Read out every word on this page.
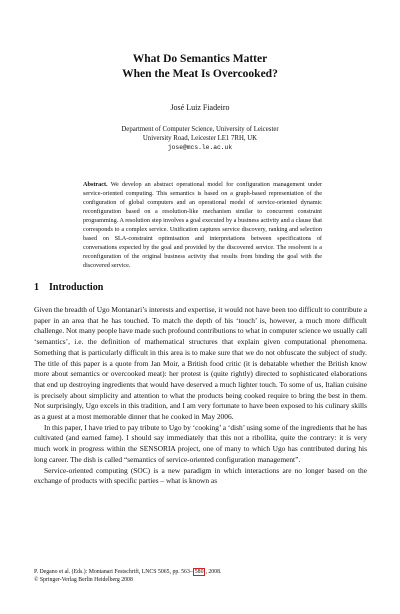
What Do Semantics Matter
When the Meat Is Overcooked?
José Luiz Fiadeiro
Department of Computer Science, University of Leicester
University Road, Leicester LE1 7RH, UK
jose@mcs.le.ac.uk
Abstract. We develop an abstract operational model for configuration management under service-oriented computing. This semantics is based on a graph-based representation of the configuration of global computers and an operational model of service-oriented dynamic reconfiguration based on a resolution-like mechanism similar to concurrent constraint programming. A resolution step involves a goal executed by a business activity and a clause that corresponds to a complex service. Unification captures service discovery, ranking and selection based on SLA-constraint optimisation and interpretations between specifications of conversations expected by the goal and provided by the discovered service. The resolvent is a reconfiguration of the original business activity that results from binding the goal with the discovered service.
1 Introduction

Given the breadth of Ugo Montanari’s interests and expertise, it would not have been too difficult to contribute a paper in an area that he has touched. To match the depth of his ‘touch’ is, however, a much more difficult challenge. Not many people have made such profound contributions to what in computer science we usually call ‘semantics’, i.e. the definition of mathematical structures that explain given computational phenomena. Something that is particularly difficult in this area is to make sure that we do not obfuscate the subject of study. The title of this paper is a quote from Jan Moir, a British food critic (it is debatable whether the British know more about semantics or overcooked meat): her protest is (quite rightly) directed to sophisticated elaborations that end up destroying ingredients that would have deserved a much lighter touch. To some of us, Italian cuisine is precisely about simplicity and attention to what the products being cooked require to bring the best in them. Not surprisingly, Ugo excels in this tradition, and I am very fortunate to have been exposed to his culinary skills as a guest at a most memorable dinner that he cooked in May 2006.

In this paper, I have tried to pay tribute to Ugo by ‘cooking’ a ‘dish’ using some of the ingredients that he has cultivated (and earned fame). I should say immediately that this not a ribollita, quite the contrary: it is very much work in progress within the SENSORIA project, one of many to which Ugo has contributed during his long career. The dish is called “semantics of service-oriented configuration management”.

Service-oriented computing (SOC) is a new paradigm in which interactions are no longer based on the exchange of products with specific parties – what is known as

P. Degano et al. (Eds.): Montanari Festschrift, LNCS 5065, pp. 563– 580 , 2008.
© Springer-Verlag Berlin Heidelberg 2008
